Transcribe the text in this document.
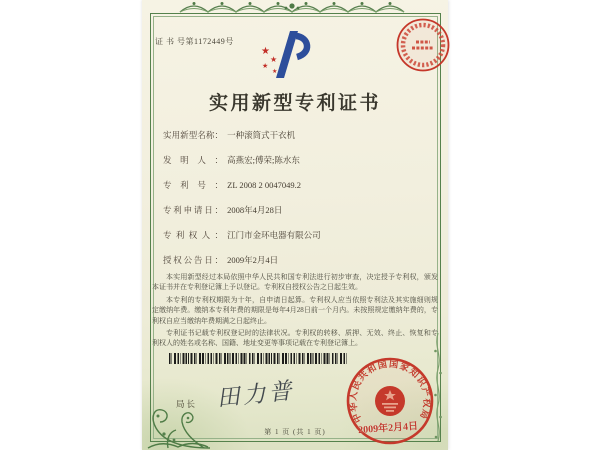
★
★
★
★
证 书 号第1172449号
实用新型专利证书
实用新型名称： 一种滚筒式干衣机
发明人： 高燕宏;傅荣;陈水东
专利号： ZL 2008 2 0047049.2
专利申请日： 2008年4月28日
专利权人： 江门市金环电器有限公司
授权公告日： 2009年2月4日

本实用新型经过本局依照中华人民共和国专利法进行初步审查，决定授予专利权，颁发本证书并在专利登记簿上予以登记。专利权自授权公告之日起生效。

本专利的专利权期限为十年，自申请日起算。专利权人应当依照专利法及其实施细则规定缴纳年费。缴纳本专利年费的期限是每年4月28日前一个月内。未按照规定缴纳年费的，专利权自应当缴纳年费期满之日起终止。

专利证书记载专利权登记时的法律状况。专利权的转移、质押、无效、终止、恢复和专利权人的姓名或名称、国籍、地址变更等事项记载在专利登记簿上。

局长 田力普
中华人民共和国国家知识产权局
2009年2月4日
第 1 页 (共 1 页)
